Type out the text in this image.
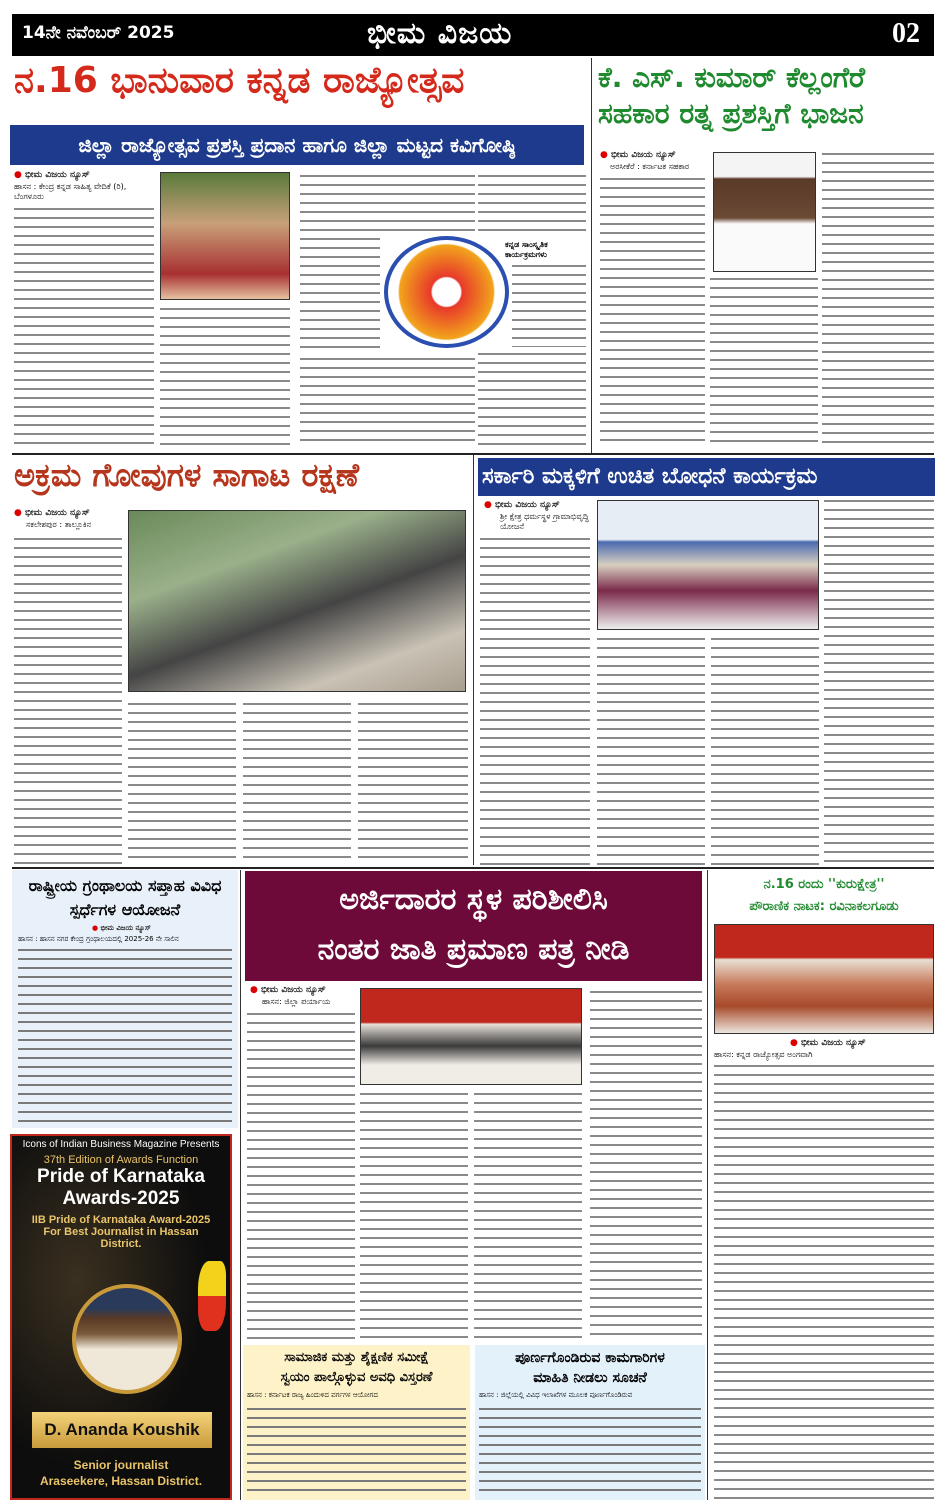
14ನೇ ನವೆಂಬರ್ 2025	ಭೀಮ ವಿಜಯ	02
ನ.16 ಭಾನುವಾರ ಕನ್ನಡ ರಾಜ್ಯೋತ್ಸವ
ಜಿಲ್ಲಾ ರಾಜ್ಯೋತ್ಸವ ಪ್ರಶಸ್ತಿ ಪ್ರದಾನ ಹಾಗೂ ಜಿಲ್ಲಾ ಮಟ್ಟದ ಕವಿಗೋಷ್ಠಿ
● ಭೀಮ ವಿಜಯ ನ್ಯೂಸ್
ಹಾಸನ : ಕೇಂದ್ರ ಕನ್ನಡ ಸಾಹಿತ್ಯ ವೇದಿಕೆ (ರಿ), ಬೆಂಗಳೂರು
ಕನ್ನಡ ಸಾಂಸ್ಕೃತಿಕ ಕಾರ್ಯಕ್ರಮಗಳು
ಕೆ. ಎಸ್. ಕುಮಾರ್ ಕೆಲ್ಲಂಗೆರೆ ಸಹಕಾರ ರತ್ನ ಪ್ರಶಸ್ತಿಗೆ ಭಾಜನ
● ಭೀಮ ವಿಜಯ ನ್ಯೂಸ್
ಅರಸೀಕೆರೆ : ಕರ್ನಾಟಕ ಸಹಕಾರ
ಅಕ್ರಮ ಗೋವುಗಳ ಸಾಗಾಟ ರಕ್ಷಣೆ
● ಭೀಮ ವಿಜಯ ನ್ಯೂಸ್
ಸಕಲೇಶಪುರ : ತಾಲ್ಲೂಕಿನ
ಸರ್ಕಾರಿ ಮಕ್ಕಳಿಗೆ ಉಚಿತ ಬೋಧನೆ ಕಾರ್ಯಕ್ರಮ
● ಭೀಮ ವಿಜಯ ನ್ಯೂಸ್
ಶ್ರೀ ಕ್ಷೇತ್ರ ಧರ್ಮಸ್ಥಳ ಗ್ರಾಮಾಭಿವೃದ್ಧಿ ಯೋಜನೆ
ರಾಷ್ಟ್ರೀಯ ಗ್ರಂಥಾಲಯ ಸಪ್ತಾಹ ವಿವಿಧ ಸ್ಪರ್ಧೆಗಳ ಆಯೋಜನೆ
● ಭೀಮ ವಿಜಯ ನ್ಯೂಸ್
ಹಾಸನ : ಹಾಸನ ನಗರ ಕೇಂದ್ರ ಗ್ರಂಥಾಲಯದಲ್ಲಿ 2025-26 ನೇ ಸಾಲಿನ
Icons of Indian Business Magazine Presents
37th Edition of Awards Function
Pride of Karnataka
Awards-2025
IIB Pride of Karnataka Award-2025
For Best Journalist in Hassan
District.
D. Ananda Koushik
Senior journalist
Araseekere, Hassan District.
ಅರ್ಜಿದಾರರ ಸ್ಥಳ ಪರಿಶೀಲಿಸಿ
ನಂತರ ಜಾತಿ ಪ್ರಮಾಣ ಪತ್ರ ನೀಡಿ
● ಭೀಮ ವಿಜಯ ನ್ಯೂಸ್
ಹಾಸನ: ಜಿಲ್ಲಾ ಪರ್ಯಾಯ
ಸಾಮಾಜಿಕ ಮತ್ತು ಶೈಕ್ಷಣಿಕ ಸಮೀಕ್ಷೆ
ಸ್ವಯಂ ಪಾಲ್ಗೊಳ್ಳುವ ಅವಧಿ ವಿಸ್ತರಣೆ
ಹಾಸನ : ಕರ್ನಾಟಕ ರಾಜ್ಯ ಹಿಂದುಳಿದ ವರ್ಗಗಳ ಆಯೋಗದ
ಪೂರ್ಣಗೊಂಡಿರುವ ಕಾಮಗಾರಿಗಳ
ಮಾಹಿತಿ ನೀಡಲು ಸೂಚನೆ
ಹಾಸನ : ಜಿಲ್ಲೆಯಲ್ಲಿ ವಿವಿಧ ಇಲಾಖೆಗಳ ಮೂಲಕ ಪೂರ್ಣಗೊಂಡಿರುವ
ನ.16 ರಂದು ''ಕುರುಕ್ಷೇತ್ರ''
ಪೌರಾಣಿಕ ನಾಟಕ: ರವಿನಾಕಲಗೂಡು
● ಭೀಮ ವಿಜಯ ನ್ಯೂಸ್
ಹಾಸನ: ಕನ್ನಡ ರಾಜ್ಯೋತ್ಸವ ಅಂಗವಾಗಿ
